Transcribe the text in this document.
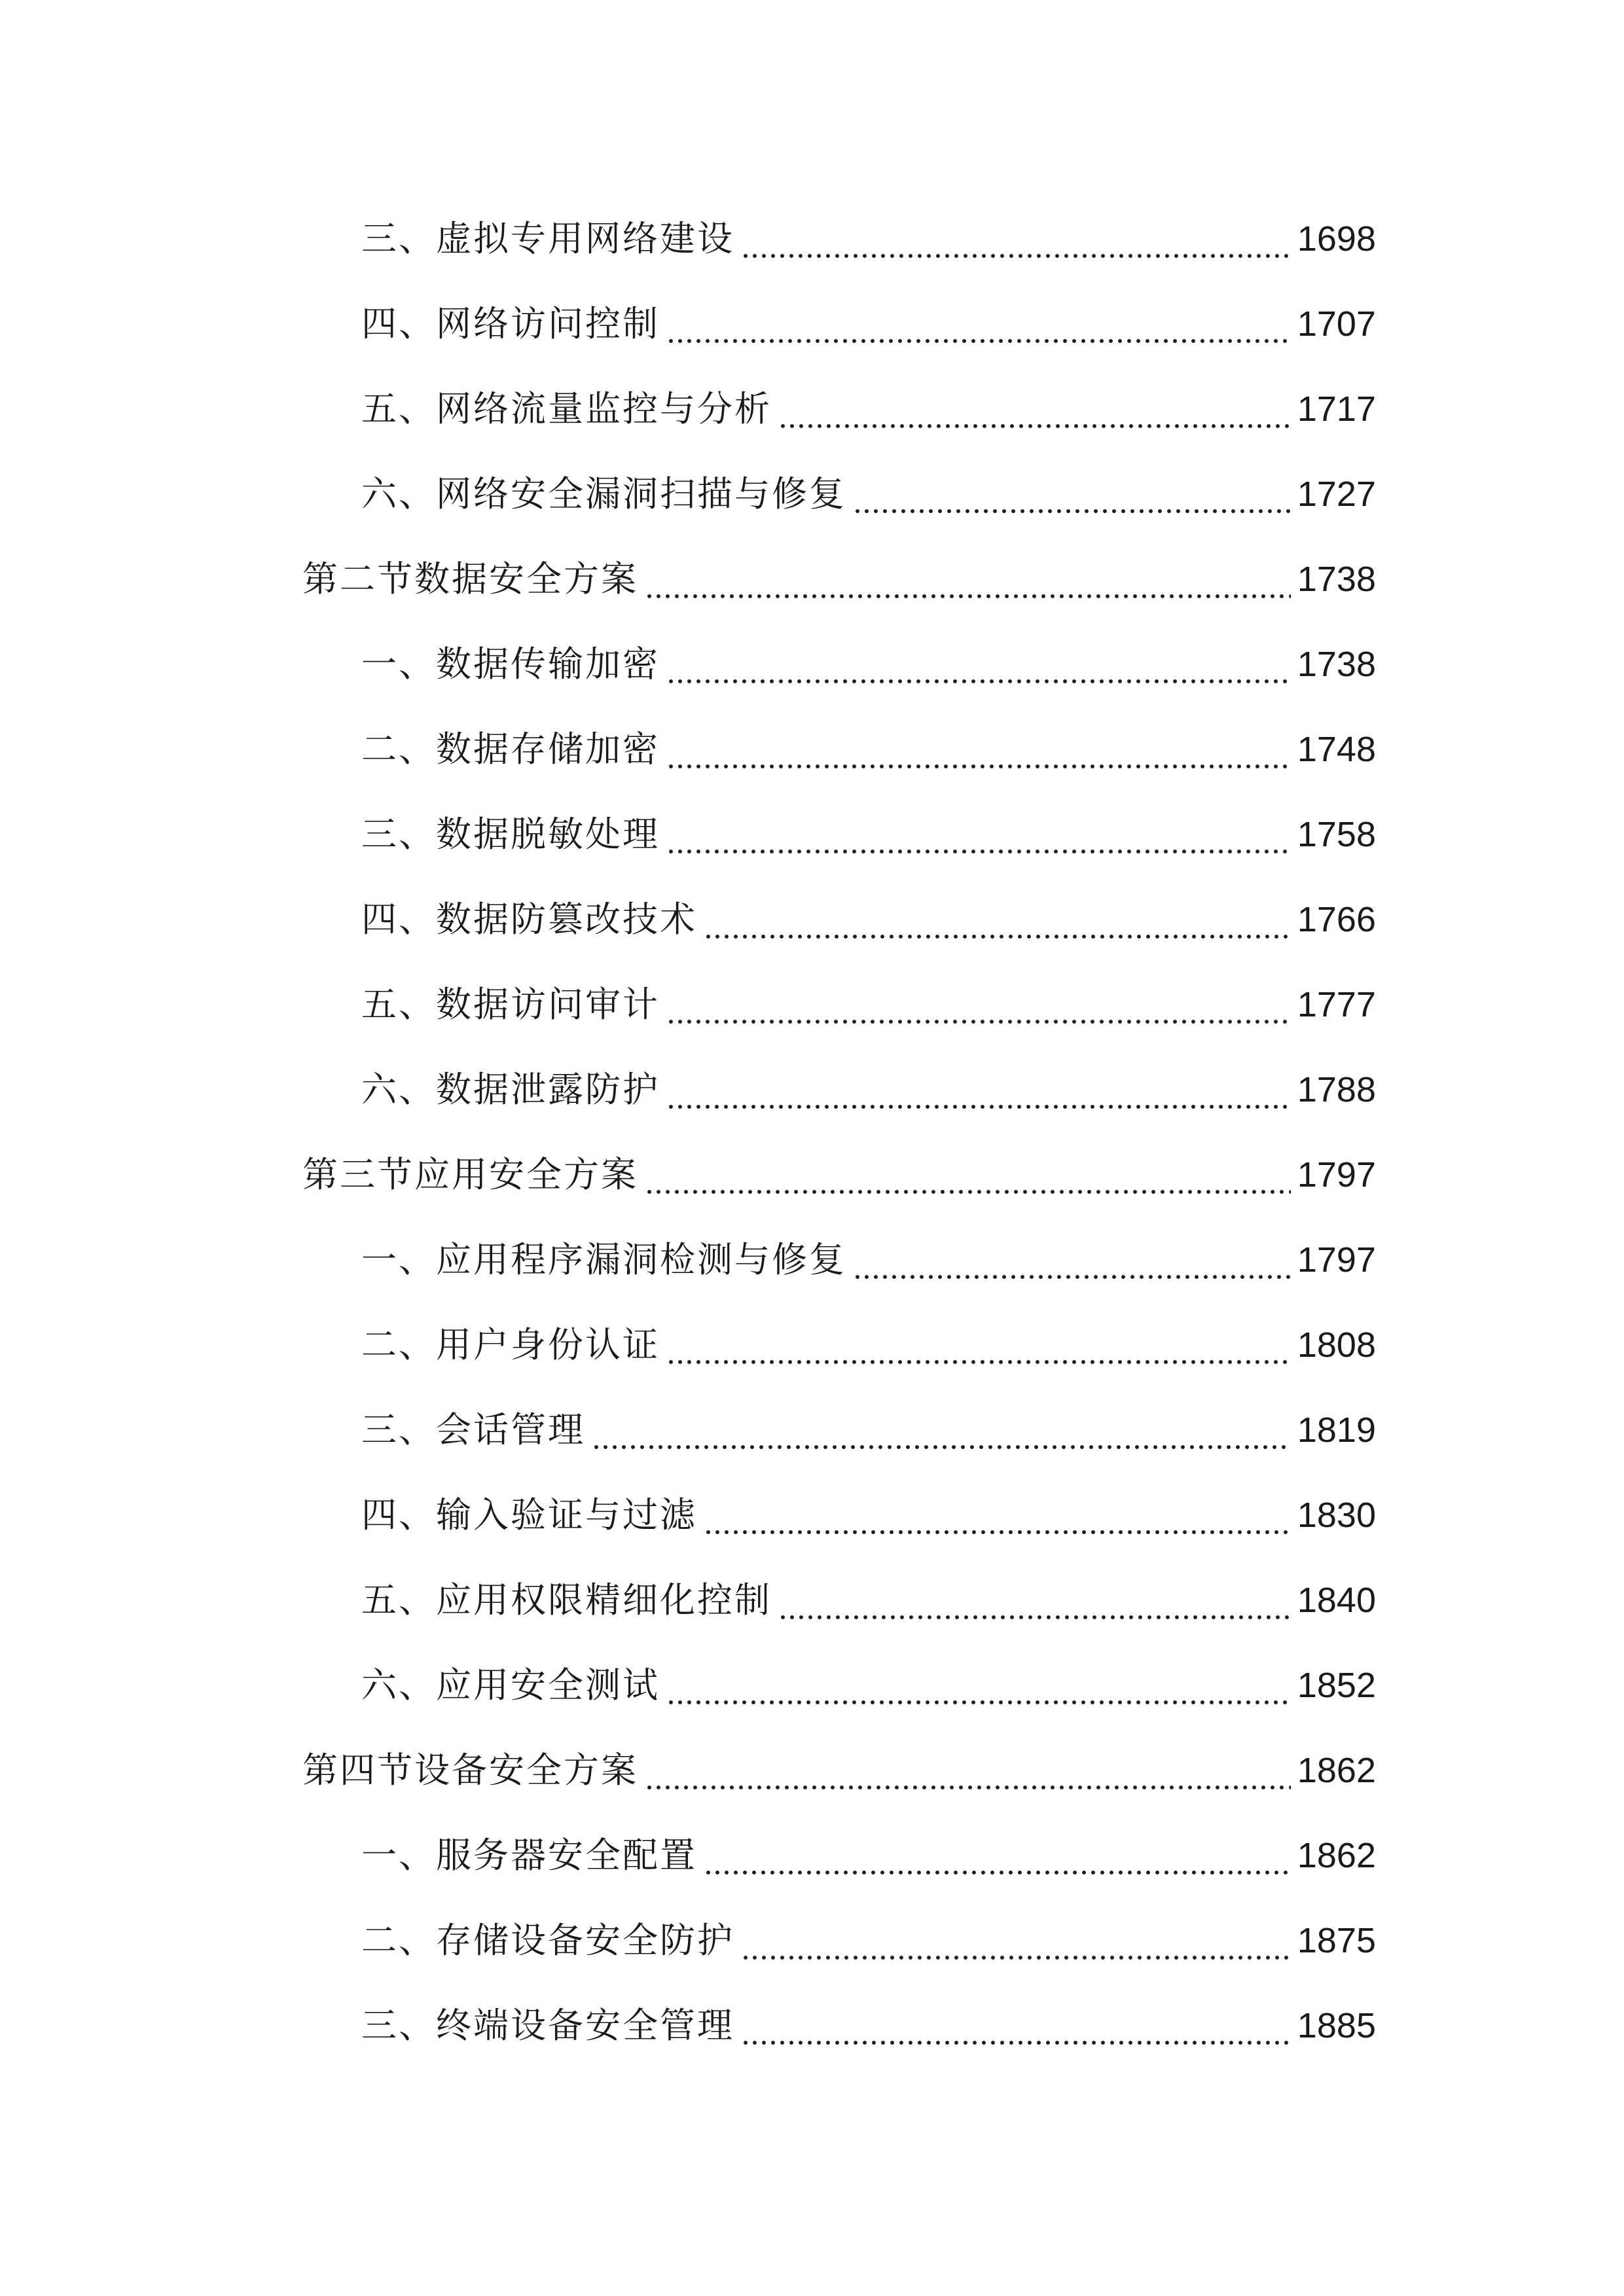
三、虚拟专用网络建设	1698
四、网络访问控制	1707
五、网络流量监控与分析	1717
六、网络安全漏洞扫描与修复	1727
第二节数据安全方案	1738
一、数据传输加密	1738
二、数据存储加密	1748
三、数据脱敏处理	1758
四、数据防篡改技术	1766
五、数据访问审计	1777
六、数据泄露防护	1788
第三节应用安全方案	1797
一、应用程序漏洞检测与修复	1797
二、用户身份认证	1808
三、会话管理	1819
四、输入验证与过滤	1830
五、应用权限精细化控制	1840
六、应用安全测试	1852
第四节设备安全方案	1862
一、服务器安全配置	1862
二、存储设备安全防护	1875
三、终端设备安全管理	1885
